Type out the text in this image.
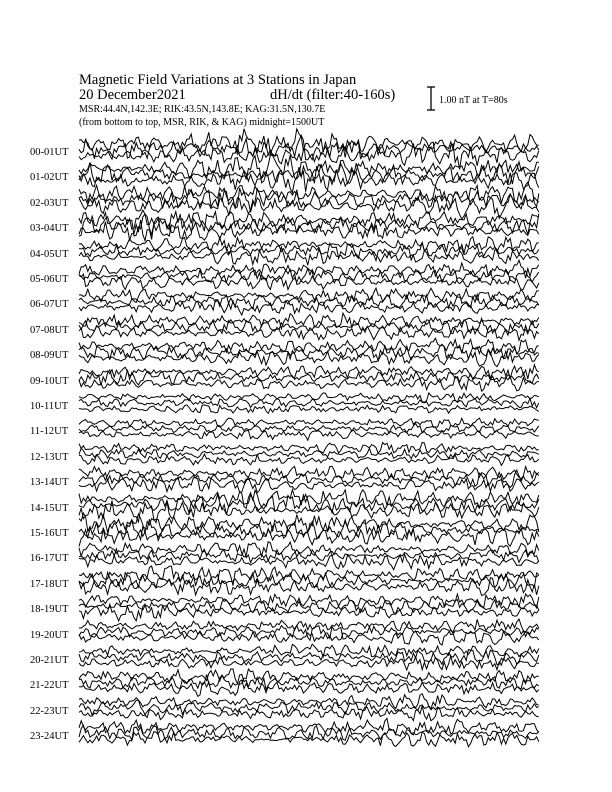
Magnetic Field Variations at 3 Stations in Japan
20 December2021	dH/dt (filter:40-160s)
MSR:44.4N,142.3E; RIK:43.5N,143.8E; KAG:31.5N,130.7E
(from bottom to top, MSR, RIK, & KAG) midnight=1500UT
1.00 nT at T=80s
00-01UT
01-02UT
02-03UT
03-04UT
04-05UT
05-06UT
06-07UT
07-08UT
08-09UT
09-10UT
10-11UT
11-12UT
12-13UT
13-14UT
14-15UT
15-16UT
16-17UT
17-18UT
18-19UT
19-20UT
20-21UT
21-22UT
22-23UT
23-24UT
